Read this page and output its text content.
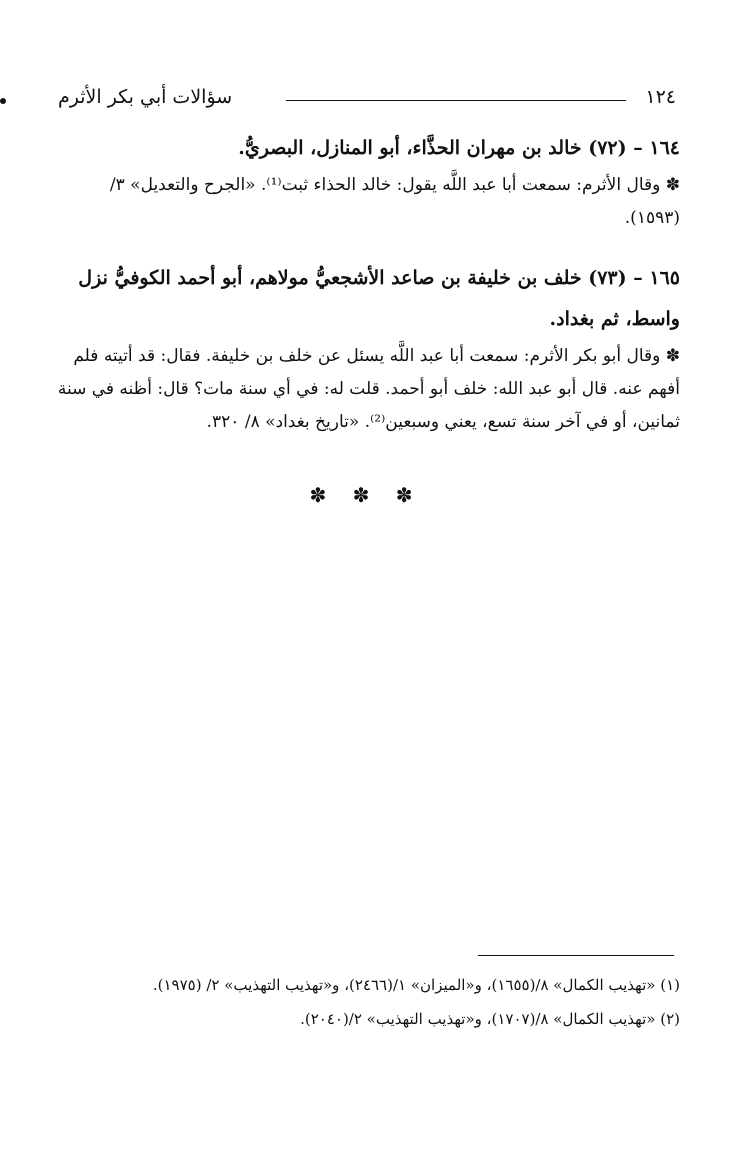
١٢٤
سؤالات أبي بكر الأثرم
١٦٤ – (٧٢) خالد بن مهران الحذَّاء، أبو المنازل، البصريُّ.
✽ وقال الأثرم: سمعت أبا عبد اللَّه يقول: خالد الحذاء ثبت⁽¹⁾. «الجرح والتعديل» ٣/ (١٥٩٣).
١٦٥ – (٧٣) خلف بن خليفة بن صاعد الأشجعيُّ مولاهم، أبو أحمد الكوفيُّ نزل واسط، ثم بغداد.
✽ وقال أبو بكر الأثرم: سمعت أبا عبد اللَّه يسئل عن خلف بن خليفة. فقال: قد أتيته فلم أفهم عنه. قال أبو عبد الله: خلف أبو أحمد. قلت له: في أي سنة مات؟ قال: أظنه في سنة ثمانين، أو في آخر سنة تسع، يعني وسبعين⁽²⁾. «تاريخ بغداد» ٨/ ٣٢٠.
✽ ✽ ✽
(١) «تهذيب الكمال» ٨/(١٦٥٥)، و«الميزان» ١/(٢٤٦٦)، و«تهذيب التهذيب» ٢/ (١٩٧٥).
(٢) «تهذيب الكمال» ٨/(١٧٠٧)، و«تهذيب التهذيب» ٢/(٢٠٤٠).
